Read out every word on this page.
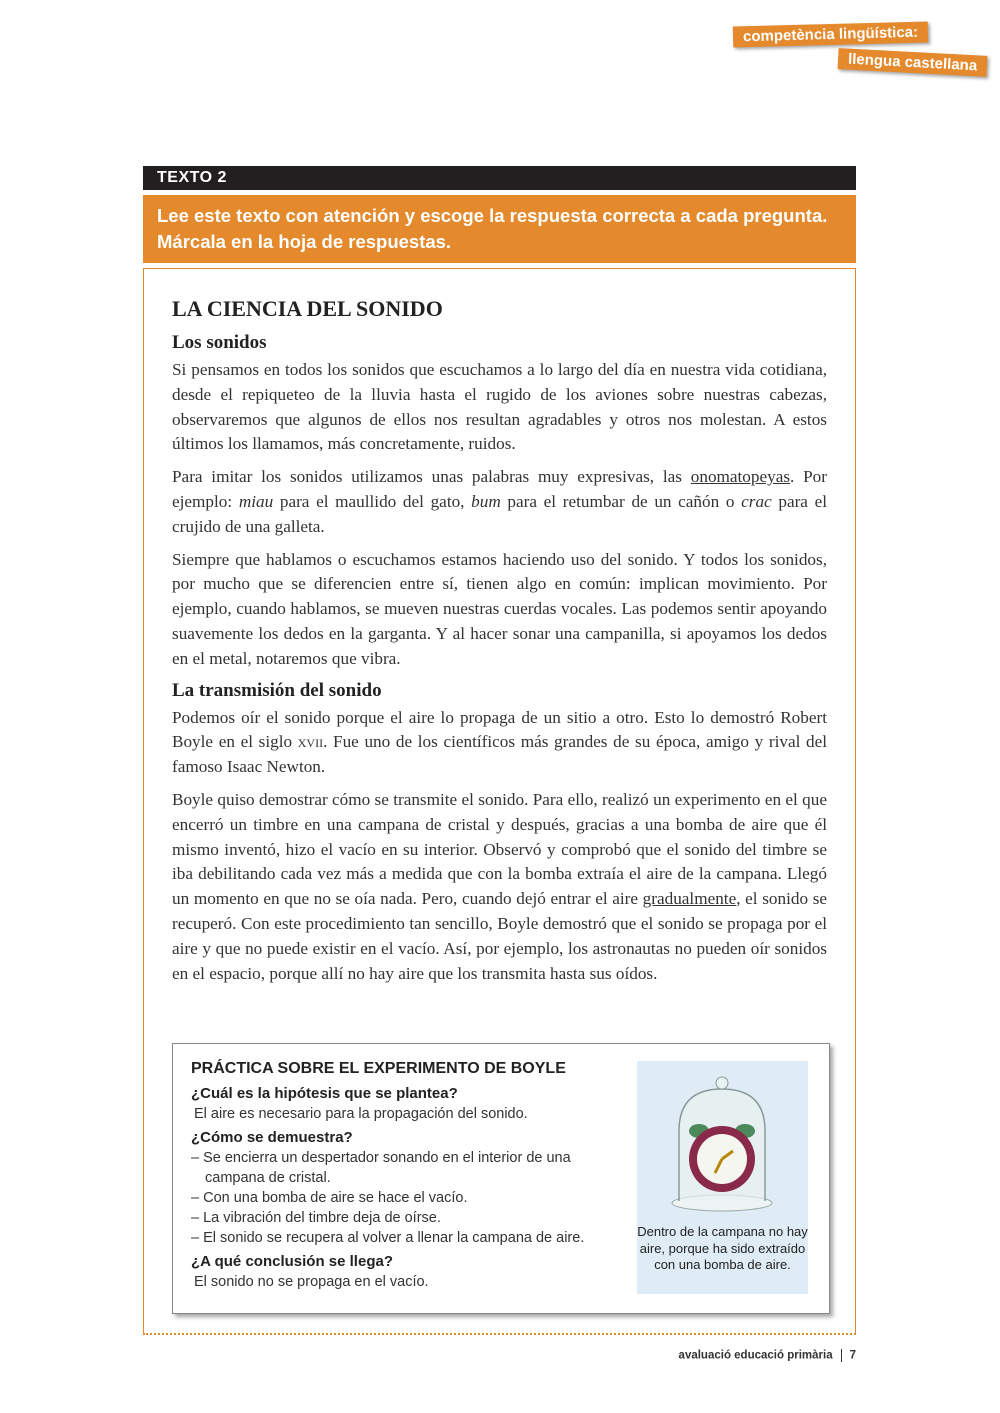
competència lingüística:
llengua castellana
TEXTO 2
Lee este texto con atención y escoge la respuesta correcta a cada pregunta. Márcala en la hoja de respuestas.
LA CIENCIA DEL SONIDO
Los sonidos

Si pensamos en todos los sonidos que escuchamos a lo largo del día en nuestra vida cotidiana, desde el repiqueteo de la lluvia hasta el rugido de los aviones sobre nuestras cabezas, observaremos que algunos de ellos nos resultan agradables y otros nos molestan. A estos últimos los llamamos, más concretamente, ruidos.

Para imitar los sonidos utilizamos unas palabras muy expresivas, las onomatopeyas. Por ejemplo: miau para el maullido del gato, bum para el retumbar de un cañón o crac para el crujido de una galleta.

Siempre que hablamos o escuchamos estamos haciendo uso del sonido. Y todos los sonidos, por mucho que se diferencien entre sí, tienen algo en común: implican movimiento. Por ejemplo, cuando hablamos, se mueven nuestras cuerdas vocales. Las podemos sentir apoyando suavemente los dedos en la garganta. Y al hacer sonar una campanilla, si apoyamos los dedos en el metal, notaremos que vibra.

La transmisión del sonido

Podemos oír el sonido porque el aire lo propaga de un sitio a otro. Esto lo demostró Robert Boyle en el siglo xvii. Fue uno de los científicos más grandes de su época, amigo y rival del famoso Isaac Newton.

Boyle quiso demostrar cómo se transmite el sonido. Para ello, realizó un experimento en el que encerró un timbre en una campana de cristal y después, gracias a una bomba de aire que él mismo inventó, hizo el vacío en su interior. Observó y comprobó que el sonido del timbre se iba debilitando cada vez más a medida que con la bomba extraía el aire de la campana. Llegó un momento en que no se oía nada. Pero, cuando dejó entrar el aire gradualmente, el sonido se recuperó. Con este procedimiento tan sencillo, Boyle demostró que el sonido se propaga por el aire y que no puede existir en el vacío. Así, por ejemplo, los astronautas no pueden oír sonidos en el espacio, porque allí no hay aire que los transmita hasta sus oídos.

PRÁCTICA SOBRE EL EXPERIMENTO DE BOYLE
¿Cuál es la hipótesis que se plantea?
El aire es necesario para la propagación del sonido.
¿Cómo se demuestra?
– Se encierra un despertador sonando en el interior de una campana de cristal.
– Con una bomba de aire se hace el vacío.
– La vibración del timbre deja de oírse.
– El sonido se recupera al volver a llenar la campana de aire.
¿A qué conclusión se llega?
El sonido no se propaga en el vacío.
Dentro de la campana no hay aire, porque ha sido extraído con una bomba de aire.
avaluació educació primària 7
